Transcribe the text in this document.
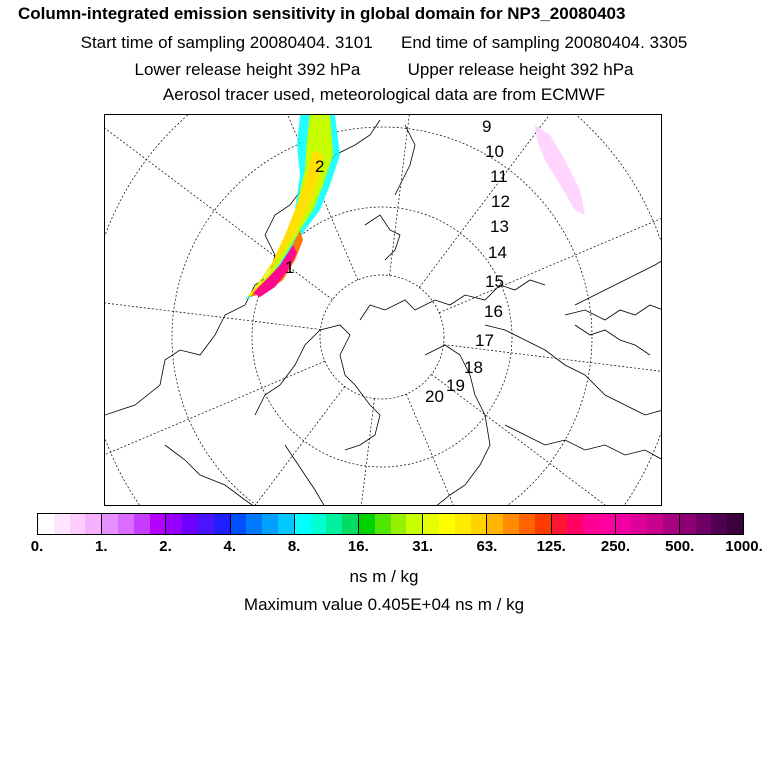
Column-integrated emission sensitivity in global domain for NP3_20080403
Start time of sampling 20080404. 3101 End time of sampling 20080404. 3305
Lower release height 392 hPa	Upper release height 392 hPa
Aerosol tracer used, meteorological data are from ECMWF
1
2
9
10
11
12
13
14
15
16
17
18
19
20
0.	1.	2.	4.	8.	16.	31.	63.	125. 250. 500. 1000.
ns m / kg
Maximum value 0.405E+04 ns m / kg
